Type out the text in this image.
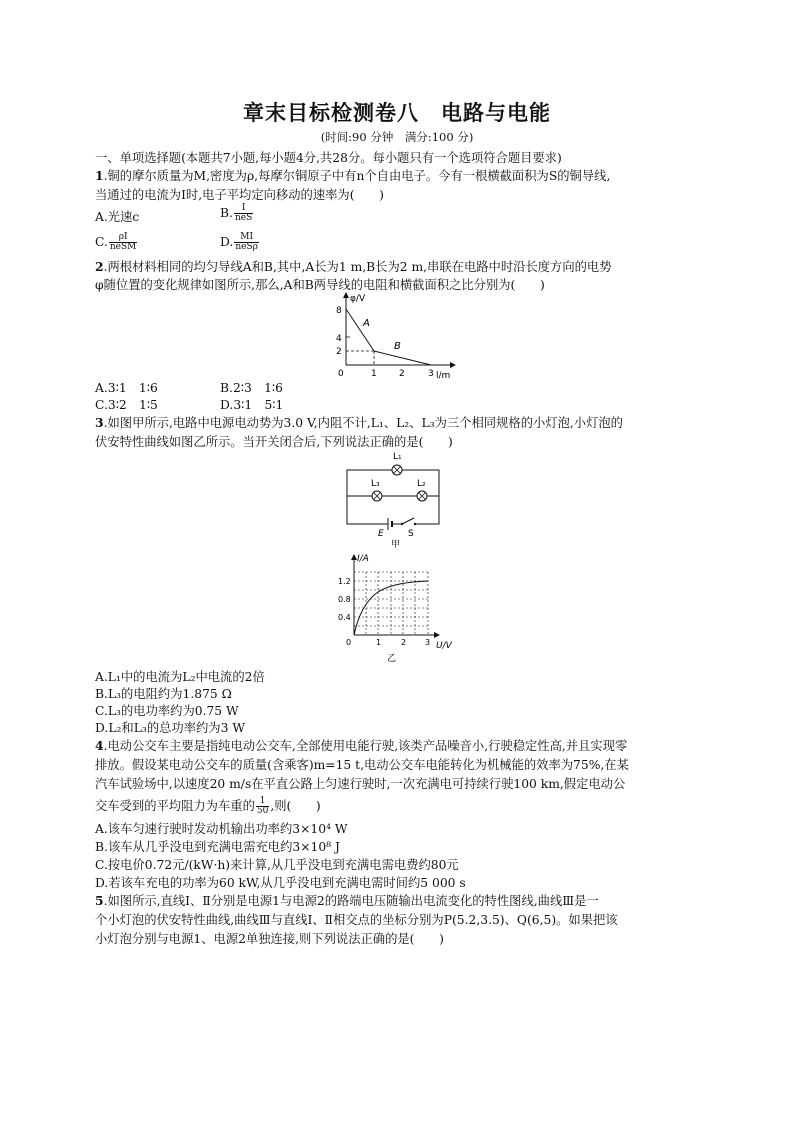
章末目标检测卷八　电路与电能
(时间:90 分钟　满分:100 分)
一、单项选择题(本题共7小题,每小题4分,共28分。每小题只有一个选项符合题目要求)
1.铜的摩尔质量为M,密度为ρ,每摩尔铜原子中有n个自由电子。今有一根横截面积为S的铜导线,
当通过的电流为I时,电子平均定向移动的速率为(　　)
A.光速c	B. $\frac{I}{\text{neS}}$
C. $\frac{\rho I}{\text{neSM}}$	D. $\frac{MI}{\text{neSρ}}$
2.两根材料相同的均匀导线A和B,其中,A长为1 m,B长为2 m,串联在电路中时沿长度方向的电势
φ随位置的变化规律如图所示,那么,A和B两导线的电阻和横截面积之比分别为(　　)
φ/V
l/m
8
4
2
0	1 2	3
A
B
A.3∶1　1∶6	B.2∶3　1∶6
C.3∶2　1∶5	D.3∶1　5∶1
3.如图甲所示,电路中电源电动势为3.0 V,内阻不计,L₁、L₂、L₃为三个相同规格的小灯泡,小灯泡的
伏安特性曲线如图乙所示。当开关闭合后,下列说法正确的是(　　)
L₁
L₃	L₂
E	S
甲
I/A
U/V
1.2
0.8
0.4
0	1 2 3
乙
A.L₁中的电流为L₂中电流的2倍
B.L₃的电阻约为1.875 Ω
C.L₃的电功率约为0.75 W
D.L₂和L₃的总功率约为3 W
4.电动公交车主要是指纯电动公交车,全部使用电能行驶,该类产品噪音小,行驶稳定性高,并且实现零
排放。假设某电动公交车的质量(含乘客)m=15 t,电动公交车电能转化为机械能的效率为75%,在某
汽车试验场中,以速度20 m/s在平直公路上匀速行驶时,一次充满电可持续行驶100 km,假定电动公
交车受到的平均阻力为车重的 $\frac{1}{50}$ ,则(　　)
A.该车匀速行驶时发动机输出功率约3×10⁴ W
B.该车从几乎没电到充满电需充电约3×10⁸ J
C.按电价0.72元/(kW·h)来计算,从几乎没电到充满电需电费约80元
D.若该车充电的功率为60 kW,从几乎没电到充满电需时间约5 000 s
5.如图所示,直线Ⅰ、Ⅱ分别是电源1与电源2的路端电压随输出电流变化的特性图线,曲线Ⅲ是一
个小灯泡的伏安特性曲线,曲线Ⅲ与直线Ⅰ、Ⅱ相交点的坐标分别为P(5.2,3.5)、Q(6,5)。如果把该
小灯泡分别与电源1、电源2单独连接,则下列说法正确的是(　　)
